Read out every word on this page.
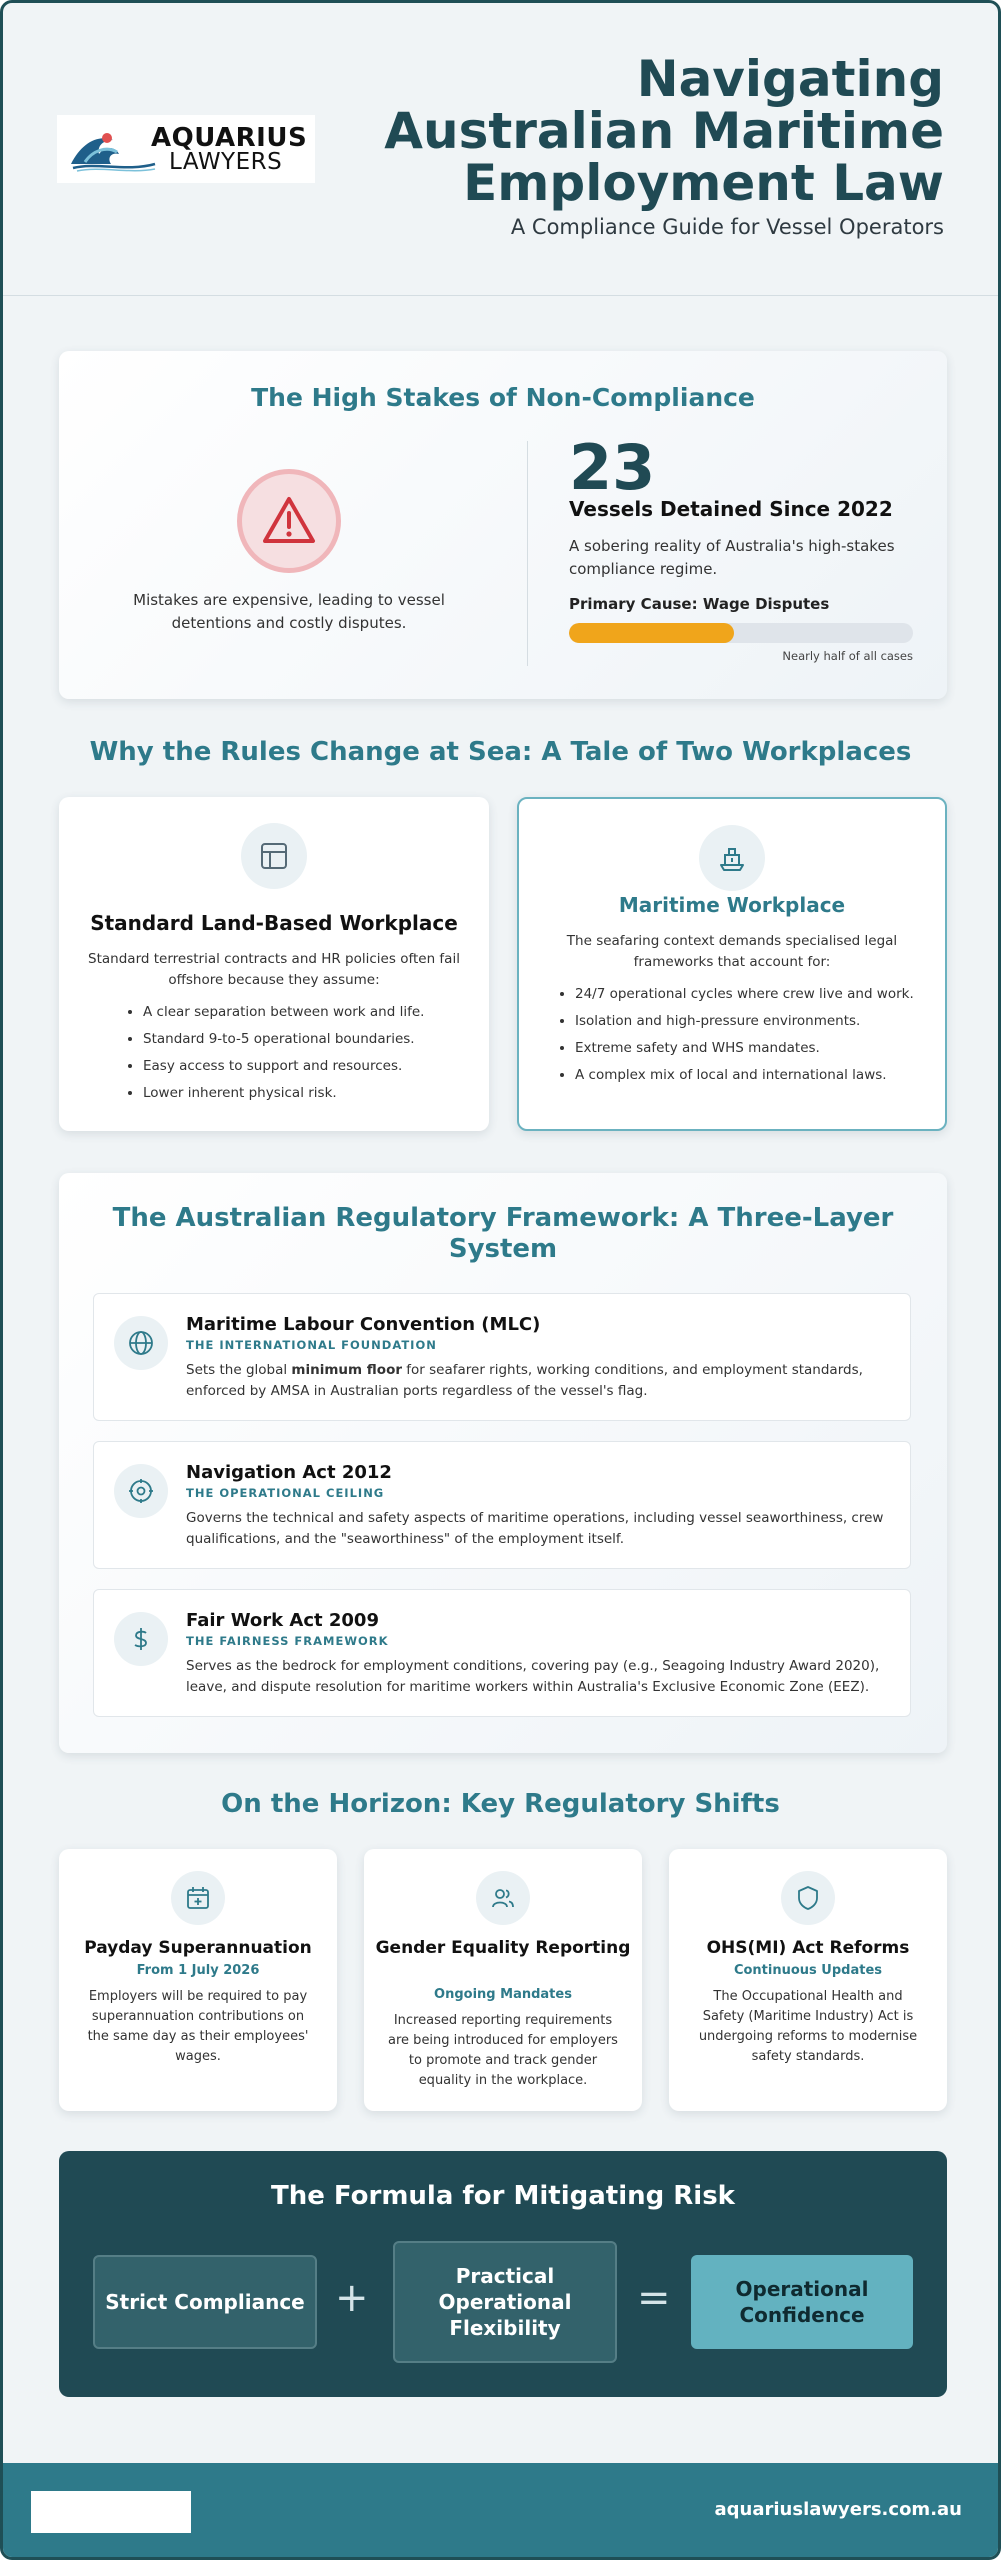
AQUARIUS
LAWYERS
Navigating
Australian Maritime
Employment Law
A Compliance Guide for Vessel Operators
The High Stakes of Non-Compliance
Mistakes are expensive, leading to vessel detentions and costly disputes.
23
Vessels Detained Since 2022
A sobering reality of Australia's high-stakes compliance regime.
Primary Cause: Wage Disputes
Nearly half of all cases
Why the Rules Change at Sea: A Tale of Two Workplaces
Standard Land-Based Workplace
Standard terrestrial contracts and HR policies often fail offshore because they assume:
• A clear separation between work and life.
• Standard 9-to-5 operational boundaries.
• Easy access to support and resources.
• Lower inherent physical risk.
Maritime Workplace
The seafaring context demands specialised legal frameworks that account for:
• 24/7 operational cycles where crew live and work.
• Isolation and high-pressure environments.
• Extreme safety and WHS mandates.
• A complex mix of local and international laws.
The Australian Regulatory Framework: A Three-Layer System
Maritime Labour Convention (MLC)
THE INTERNATIONAL FOUNDATION
Sets the global minimum floor for seafarer rights, working conditions, and employment standards, enforced by AMSA in Australian ports regardless of the vessel's flag.
Navigation Act 2012
THE OPERATIONAL CEILING
Governs the technical and safety aspects of maritime operations, including vessel seaworthiness, crew qualifications, and the "seaworthiness" of the employment itself.
Fair Work Act 2009
THE FAIRNESS FRAMEWORK
Serves as the bedrock for employment conditions, covering pay (e.g., Seagoing Industry Award 2020), leave, and dispute resolution for maritime workers within Australia's Exclusive Economic Zone (EEZ).
On the Horizon: Key Regulatory Shifts
Payday Superannuation
From 1 July 2026
Employers will be required to pay superannuation contributions on the same day as their employees' wages.
Gender Equality Reporting
Ongoing Mandates
Increased reporting requirements are being introduced for employers to promote and track gender equality in the workplace.
OHS(MI) Act Reforms
Continuous Updates
The Occupational Health and Safety (Maritime Industry) Act is undergoing reforms to modernise safety standards.
The Formula for Mitigating Risk
Strict Compliance +	Practical Operational Flexibility
=	Operational Confidence
aquariuslawyers.com.au
